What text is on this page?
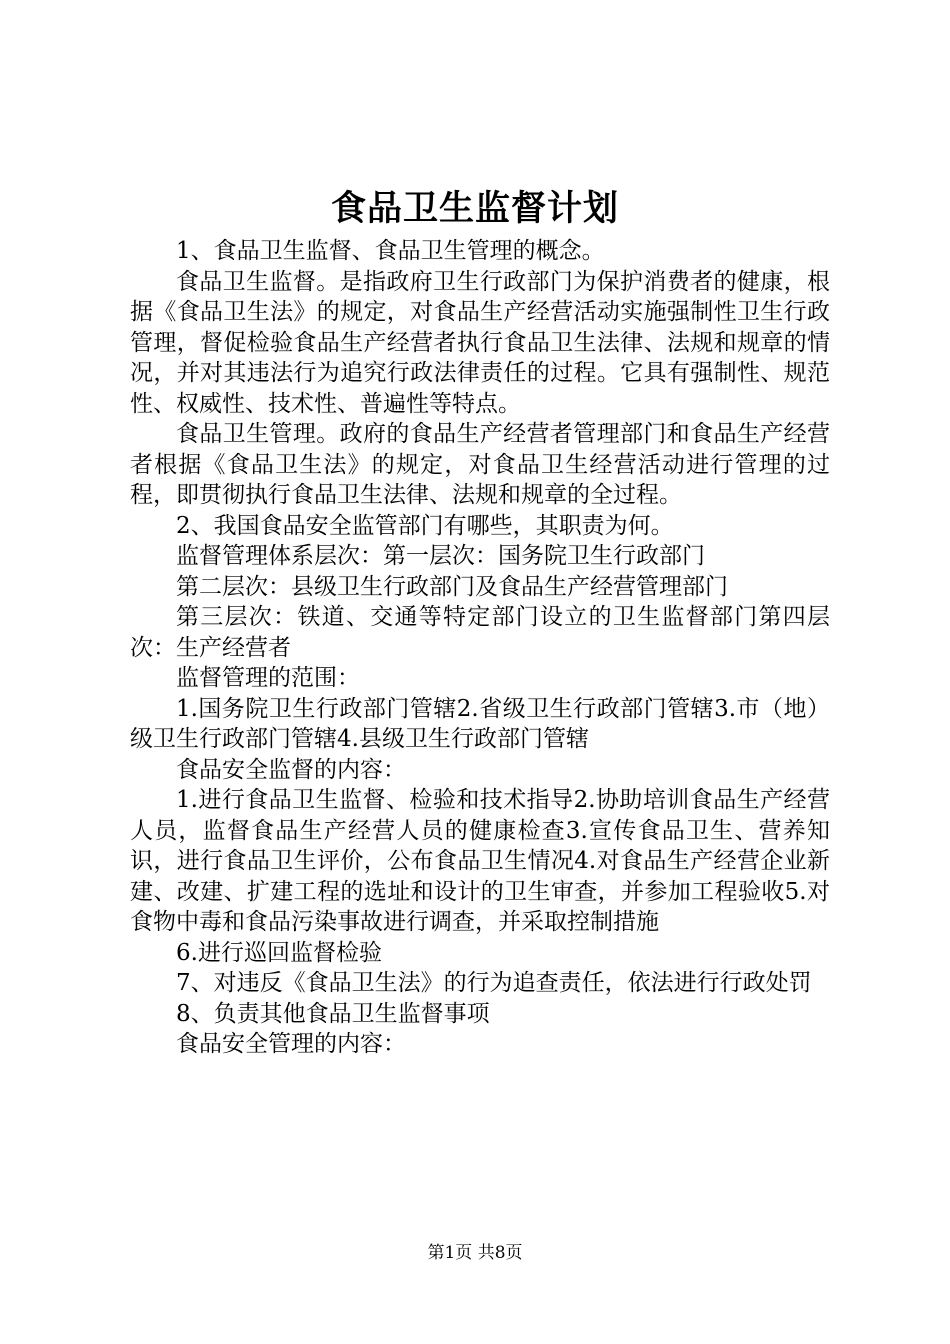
食品卫生监督计划

1、食品卫生监督、食品卫生管理的概念。

食品卫生监督。是指政府卫生行政部门为保护消费者的健康，根据《食品卫生法》的规定，对食品生产经营活动实施强制性卫生行政管理，督促检验食品生产经营者执行食品卫生法律、法规和规章的情况，并对其违法行为追究行政法律责任的过程。它具有强制性、规范性、权威性、技术性、普遍性等特点。

食品卫生管理。政府的食品生产经营者管理部门和食品生产经营者根据《食品卫生法》的规定，对食品卫生经营活动进行管理的过程，即贯彻执行食品卫生法律、法规和规章的全过程。

2、我国食品安全监管部门有哪些，其职责为何。

监督管理体系层次：第一层次：国务院卫生行政部门

第二层次：县级卫生行政部门及食品生产经营管理部门

第三层次：铁道、交通等特定部门设立的卫生监督部门第四层次：生产经营者

监督管理的范围：

1.国务院卫生行政部门管辖2.省级卫生行政部门管辖3.市（地）级卫生行政部门管辖4.县级卫生行政部门管辖

食品安全监督的内容：

1.进行食品卫生监督、检验和技术指导2.协助培训食品生产经营人员，监督食品生产经营人员的健康检查3.宣传食品卫生、营养知识，进行食品卫生评价，公布食品卫生情况4.对食品生产经营企业新建、改建、扩建工程的选址和设计的卫生审查，并参加工程验收5.对食物中毒和食品污染事故进行调查，并采取控制措施

6.进行巡回监督检验

7、对违反《食品卫生法》的行为追查责任，依法进行行政处罚

8、负责其他食品卫生监督事项

食品安全管理的内容：

第1页 共8页
